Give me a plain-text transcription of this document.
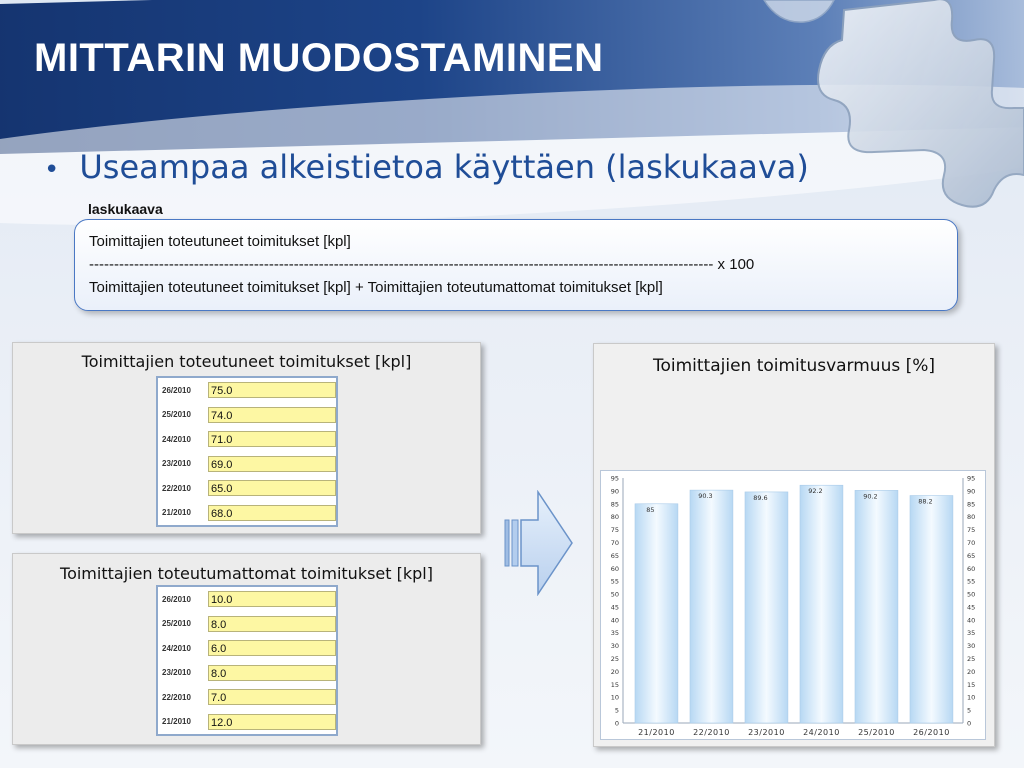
MITTARIN MUODOSTAMINEN
• Useampaa alkeistietoa käyttäen (laskukaava)
laskukaava
Toimittajien toteutuneet toimitukset [kpl]
----------------------------------------------------------------------------------------------------------------------------- x 100
Toimittajien toteutuneet toimitukset [kpl] + Toimittajien toteutumattomat toimitukset [kpl]
Toimittajien toteutuneet toimitukset [kpl]
26/2010	75.0
25/2010	74.0
24/2010	71.0
23/2010	69.0
22/2010	65.0
21/2010	68.0
Toimittajien toteutumattomat toimitukset [kpl]
26/2010	10.0
25/2010	8.0
24/2010	6.0
23/2010	8.0
22/2010	7.0
21/2010	12.0
Toimittajien toimitusvarmuus [%]
0	0
5	5
10	10
15	15
20	20
25	25
30	30
35	35
40	40
45	45
50	50
55	55
60	60
65	65
70	70
75	75
80	80
85	85
90	90
95	95
85
21/2010
90.3
22/2010
89.6
23/2010
92.2
24/2010
90.2
25/2010
88.2
26/2010
